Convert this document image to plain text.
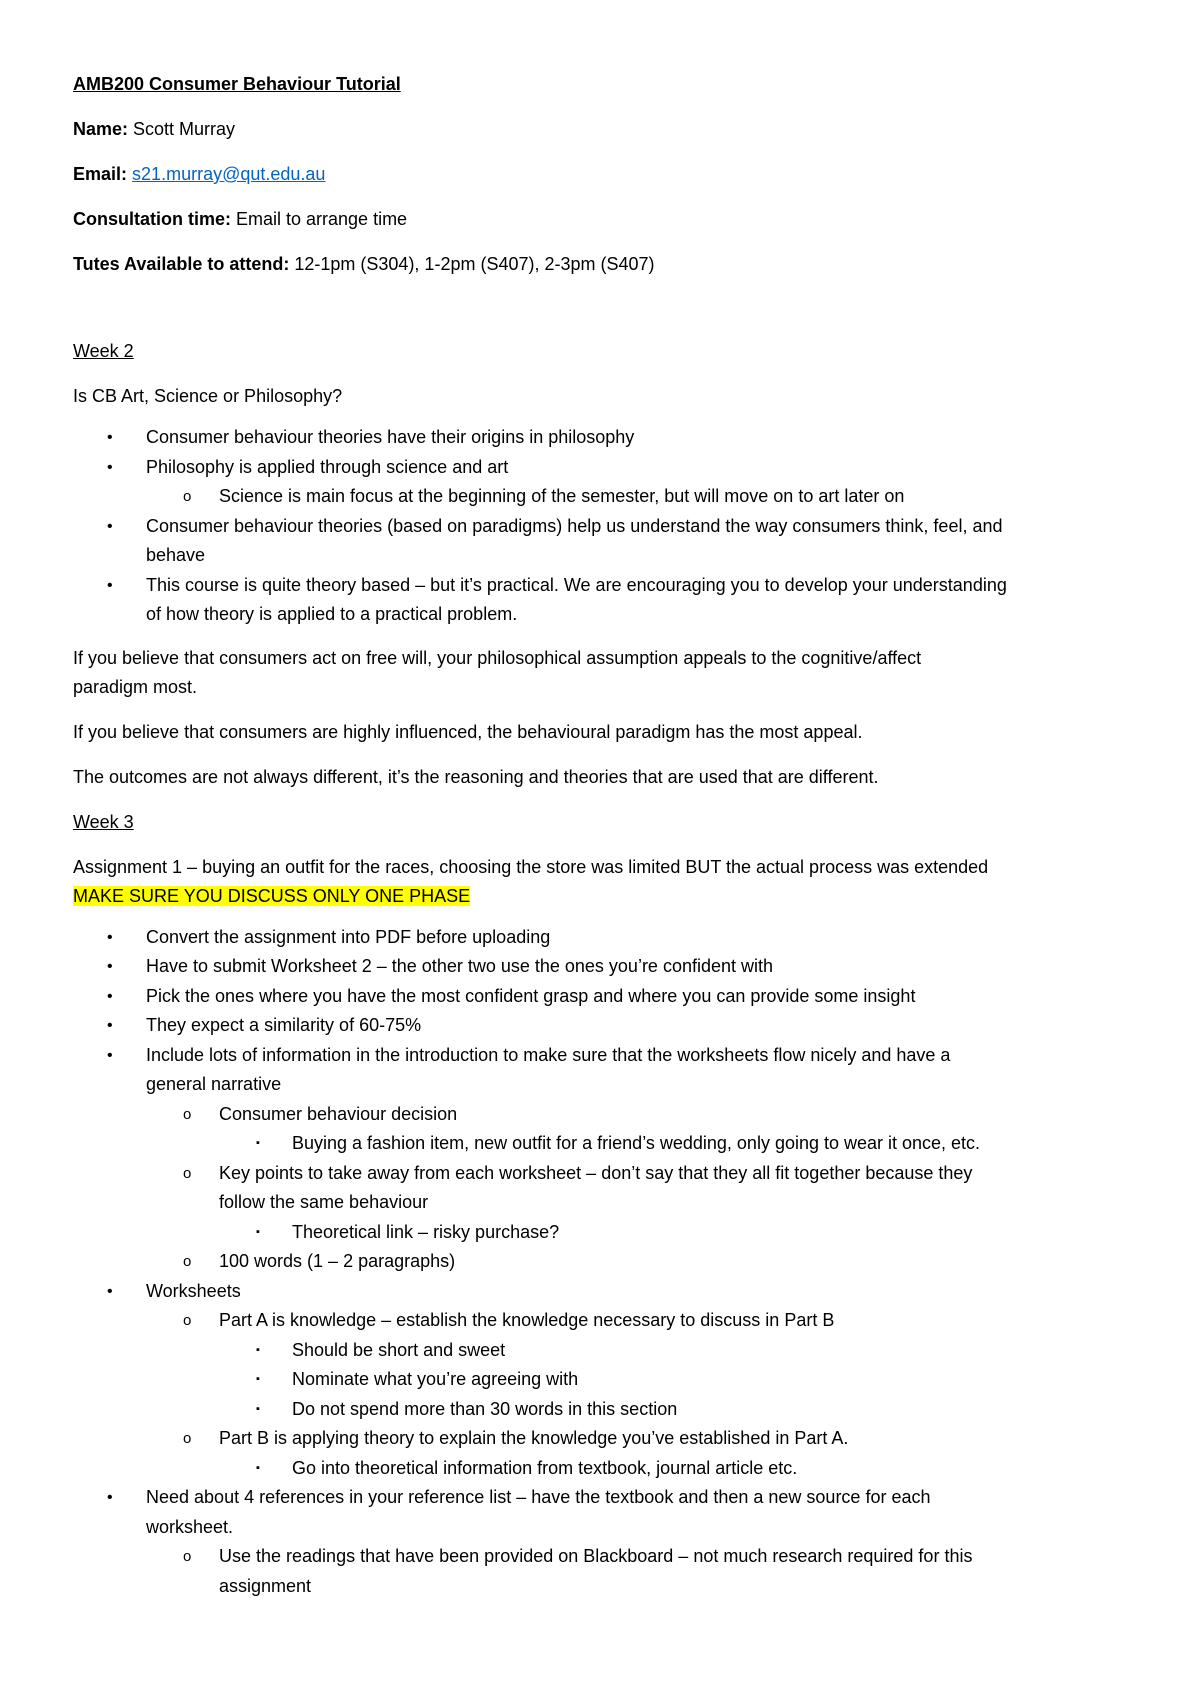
AMB200 Consumer Behaviour Tutorial

Name: Scott Murray

Email: s21.murray@qut.edu.au

Consultation time: Email to arrange time

Tutes Available to attend: 12-1pm (S304), 1-2pm (S407), 2-3pm (S407)

Week 2

Is CB Art, Science or Philosophy?

• Consumer behaviour theories have their origins in philosophy
• Philosophy is applied through science and art
o Science is main focus at the beginning of the semester, but will move on to art later on
• Consumer behaviour theories (based on paradigms) help us understand the way consumers think, feel, and
behave
• This course is quite theory based – but it’s practical. We are encouraging you to develop your understanding
of how theory is applied to a practical problem.

If you believe that consumers act on free will, your philosophical assumption appeals to the cognitive/affect

paradigm most.

If you believe that consumers are highly influenced, the behavioural paradigm has the most appeal.

The outcomes are not always different, it’s the reasoning and theories that are used that are different.

Week 3

Assignment 1 – buying an outfit for the races, choosing the store was limited BUT the actual process was extended

MAKE SURE YOU DISCUSS ONLY ONE PHASE

• Convert the assignment into PDF before uploading
• Have to submit Worksheet 2 – the other two use the ones you’re confident with
• Pick the ones where you have the most confident grasp and where you can provide some insight
• They expect a similarity of 60-75%
• Include lots of information in the introduction to make sure that the worksheets flow nicely and have a
general narrative
o Consumer behaviour decision
▪ Buying a fashion item, new outfit for a friend’s wedding, only going to wear it once, etc.
o Key points to take away from each worksheet – don’t say that they all fit together because they
follow the same behaviour
▪ Theoretical link – risky purchase?
o 100 words (1 – 2 paragraphs)
• Worksheets
o Part A is knowledge – establish the knowledge necessary to discuss in Part B
▪ Should be short and sweet
▪ Nominate what you’re agreeing with
▪ Do not spend more than 30 words in this section
o Part B is applying theory to explain the knowledge you’ve established in Part A.
▪ Go into theoretical information from textbook, journal article etc.
• Need about 4 references in your reference list – have the textbook and then a new source for each
worksheet.
o Use the readings that have been provided on Blackboard – not much research required for this
assignment
